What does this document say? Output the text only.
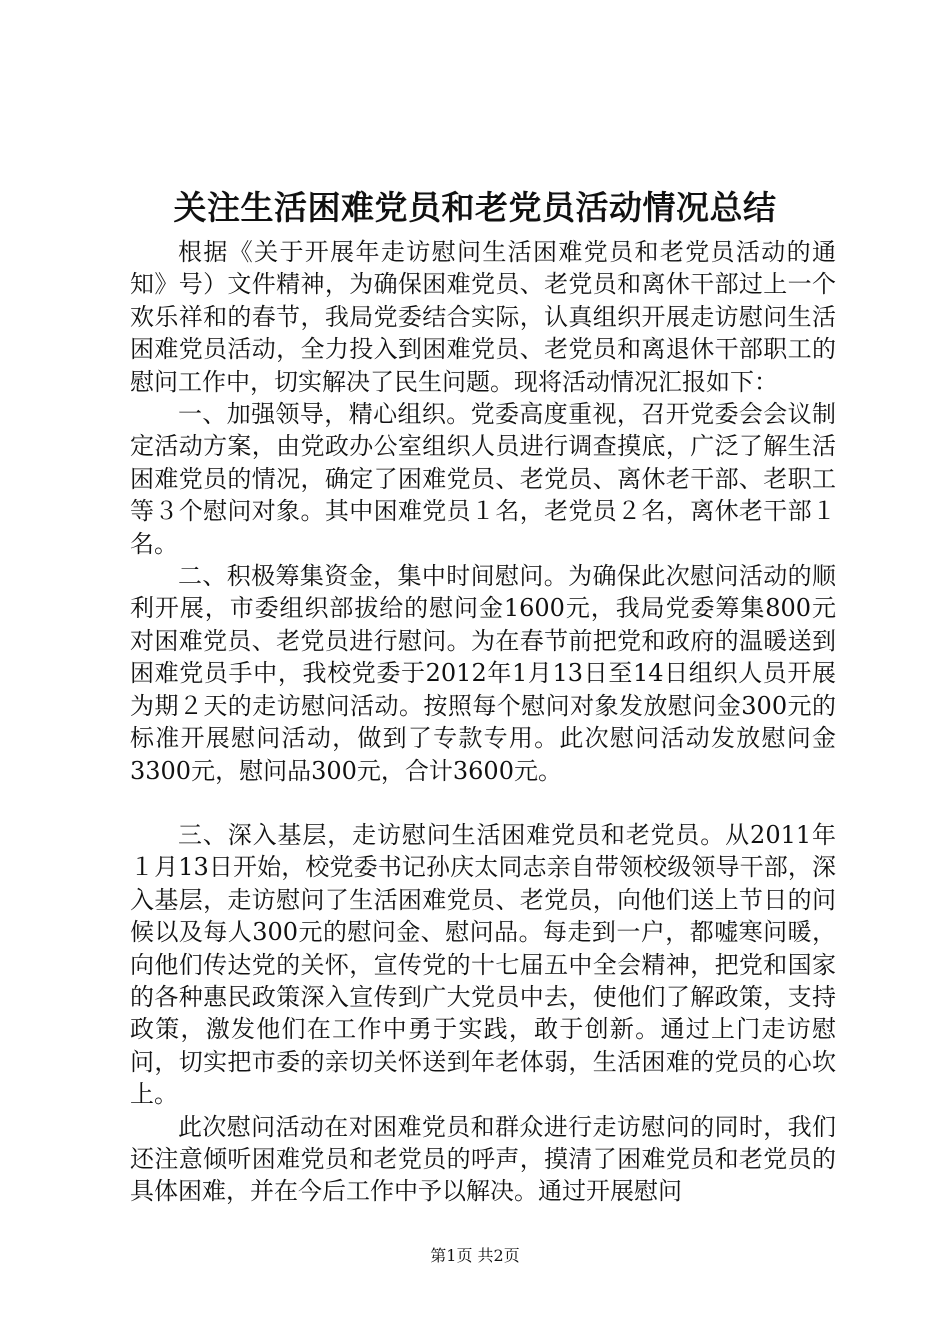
关注生活困难党员和老党员活动情况总结

根据《关于开展年走访慰问生活困难党员和老党员活动的通知》号）文件精神，为确保困难党员、老党员和离休干部过上一个欢乐祥和的春节，我局党委结合实际，认真组织开展走访慰问生活困难党员活动，全力投入到困难党员、老党员和离退休干部职工的慰问工作中，切实解决了民生问题。现将活动情况汇报如下：

一、加强领导，精心组织。党委高度重视，召开党委会会议制定活动方案，由党政办公室组织人员进行调查摸底，广泛了解生活困难党员的情况，确定了困难党员、老党员、离休老干部、老职工等３个慰问对象。其中困难党员１名，老党员２名，离休老干部１名。

二、积极筹集资金，集中时间慰问。为确保此次慰问活动的顺利开展，市委组织部拔给的慰问金1600元，我局党委筹集800元对困难党员、老党员进行慰问。为在春节前把党和政府的温暖送到困难党员手中，我校党委于2012年1月13日至14日组织人员开展为期２天的走访慰问活动。按照每个慰问对象发放慰问金300元的标准开展慰问活动，做到了专款专用。此次慰问活动发放慰问金3300元，慰问品300元，合计3600元。

三、深入基层，走访慰问生活困难党员和老党员。从2011年１月13日开始，校党委书记孙庆太同志亲自带领校级领导干部，深入基层，走访慰问了生活困难党员、老党员，向他们送上节日的问候以及每人300元的慰问金、慰问品。每走到一户，都嘘寒问暖，向他们传达党的关怀，宣传党的十七届五中全会精神，把党和国家的各种惠民政策深入宣传到广大党员中去，使他们了解政策，支持政策，激发他们在工作中勇于实践，敢于创新。通过上门走访慰问，切实把市委的亲切关怀送到年老体弱，生活困难的党员的心坎上。

此次慰问活动在对困难党员和群众进行走访慰问的同时，我们还注意倾听困难党员和老党员的呼声，摸清了困难党员和老党员的具体困难，并在今后工作中予以解决。通过开展慰问

第1页 共2页
